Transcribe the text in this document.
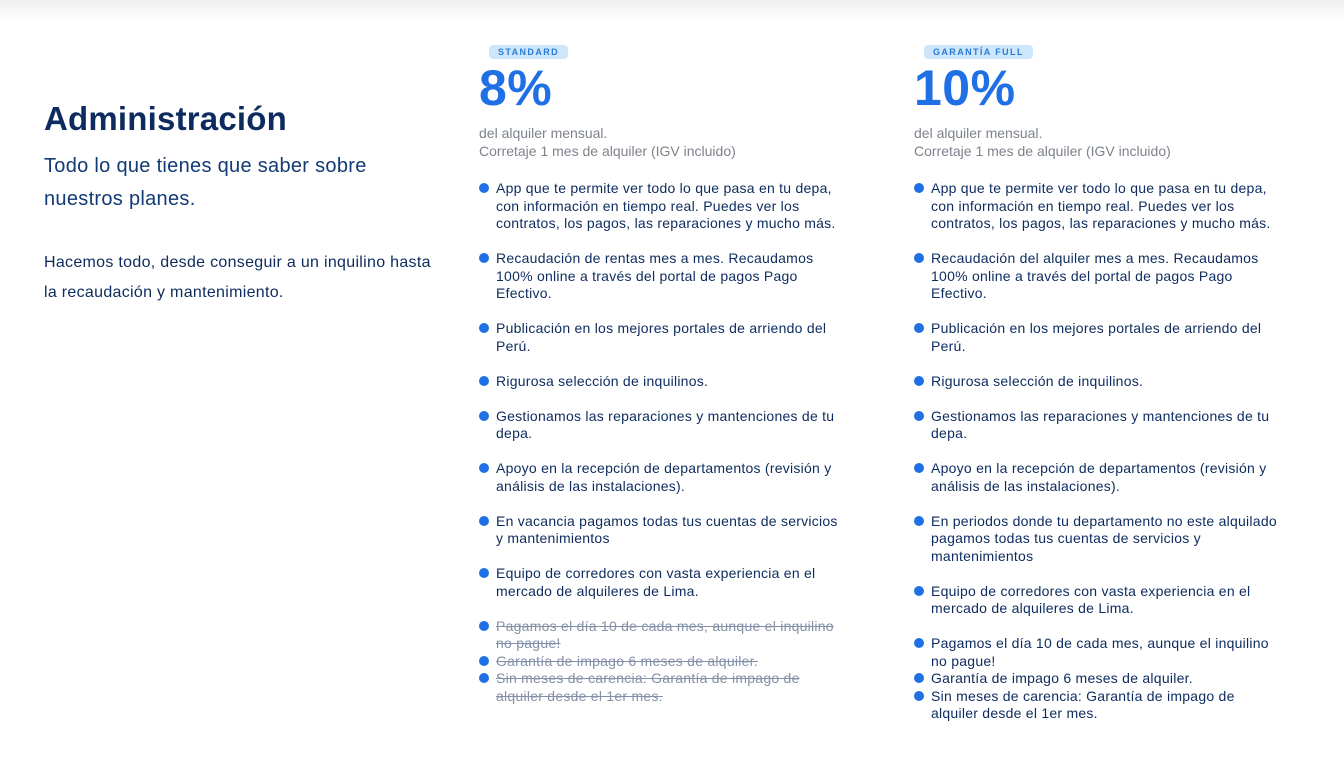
Administración

Todo lo que tienes que saber sobre nuestros planes.

Hacemos todo, desde conseguir a un inquilino hasta la recaudación y mantenimiento.

STANDARD
8%
del alquiler mensual.
Corretaje 1 mes de alquiler (IGV incluido)
App que te permite ver todo lo que pasa en tu depa, con información en tiempo real. Puedes ver los contratos, los pagos, las reparaciones y mucho más.
Recaudación de rentas mes a mes. Recaudamos 100% online a través del portal de pagos Pago Efectivo.
Publicación en los mejores portales de arriendo del Perú.
Rigurosa selección de inquilinos.
Gestionamos las reparaciones y mantenciones de tu depa.
Apoyo en la recepción de departamentos (revisión y análisis de las instalaciones).
En vacancia pagamos todas tus cuentas de servicios y mantenimientos
Equipo de corredores con vasta experiencia en el mercado de alquileres de Lima.
Pagamos el día 10 de cada mes, aunque el inquilino no pague!
Garantía de impago 6 meses de alquiler.
Sin meses de carencia: Garantía de impago de alquiler desde el 1er mes.
GARANTÍA FULL
10%
del alquiler mensual.
Corretaje 1 mes de alquiler (IGV incluido)
App que te permite ver todo lo que pasa en tu depa, con información en tiempo real. Puedes ver los contratos, los pagos, las reparaciones y mucho más.
Recaudación del alquiler mes a mes. Recaudamos 100% online a través del portal de pagos Pago Efectivo.
Publicación en los mejores portales de arriendo del Perú.
Rigurosa selección de inquilinos.
Gestionamos las reparaciones y mantenciones de tu depa.
Apoyo en la recepción de departamentos (revisión y análisis de las instalaciones).
En periodos donde tu departamento no este alquilado pagamos todas tus cuentas de servicios y mantenimientos
Equipo de corredores con vasta experiencia en el mercado de alquileres de Lima.
Pagamos el día 10 de cada mes, aunque el inquilino no pague!
Garantía de impago 6 meses de alquiler.
Sin meses de carencia: Garantía de impago de alquiler desde el 1er mes.
